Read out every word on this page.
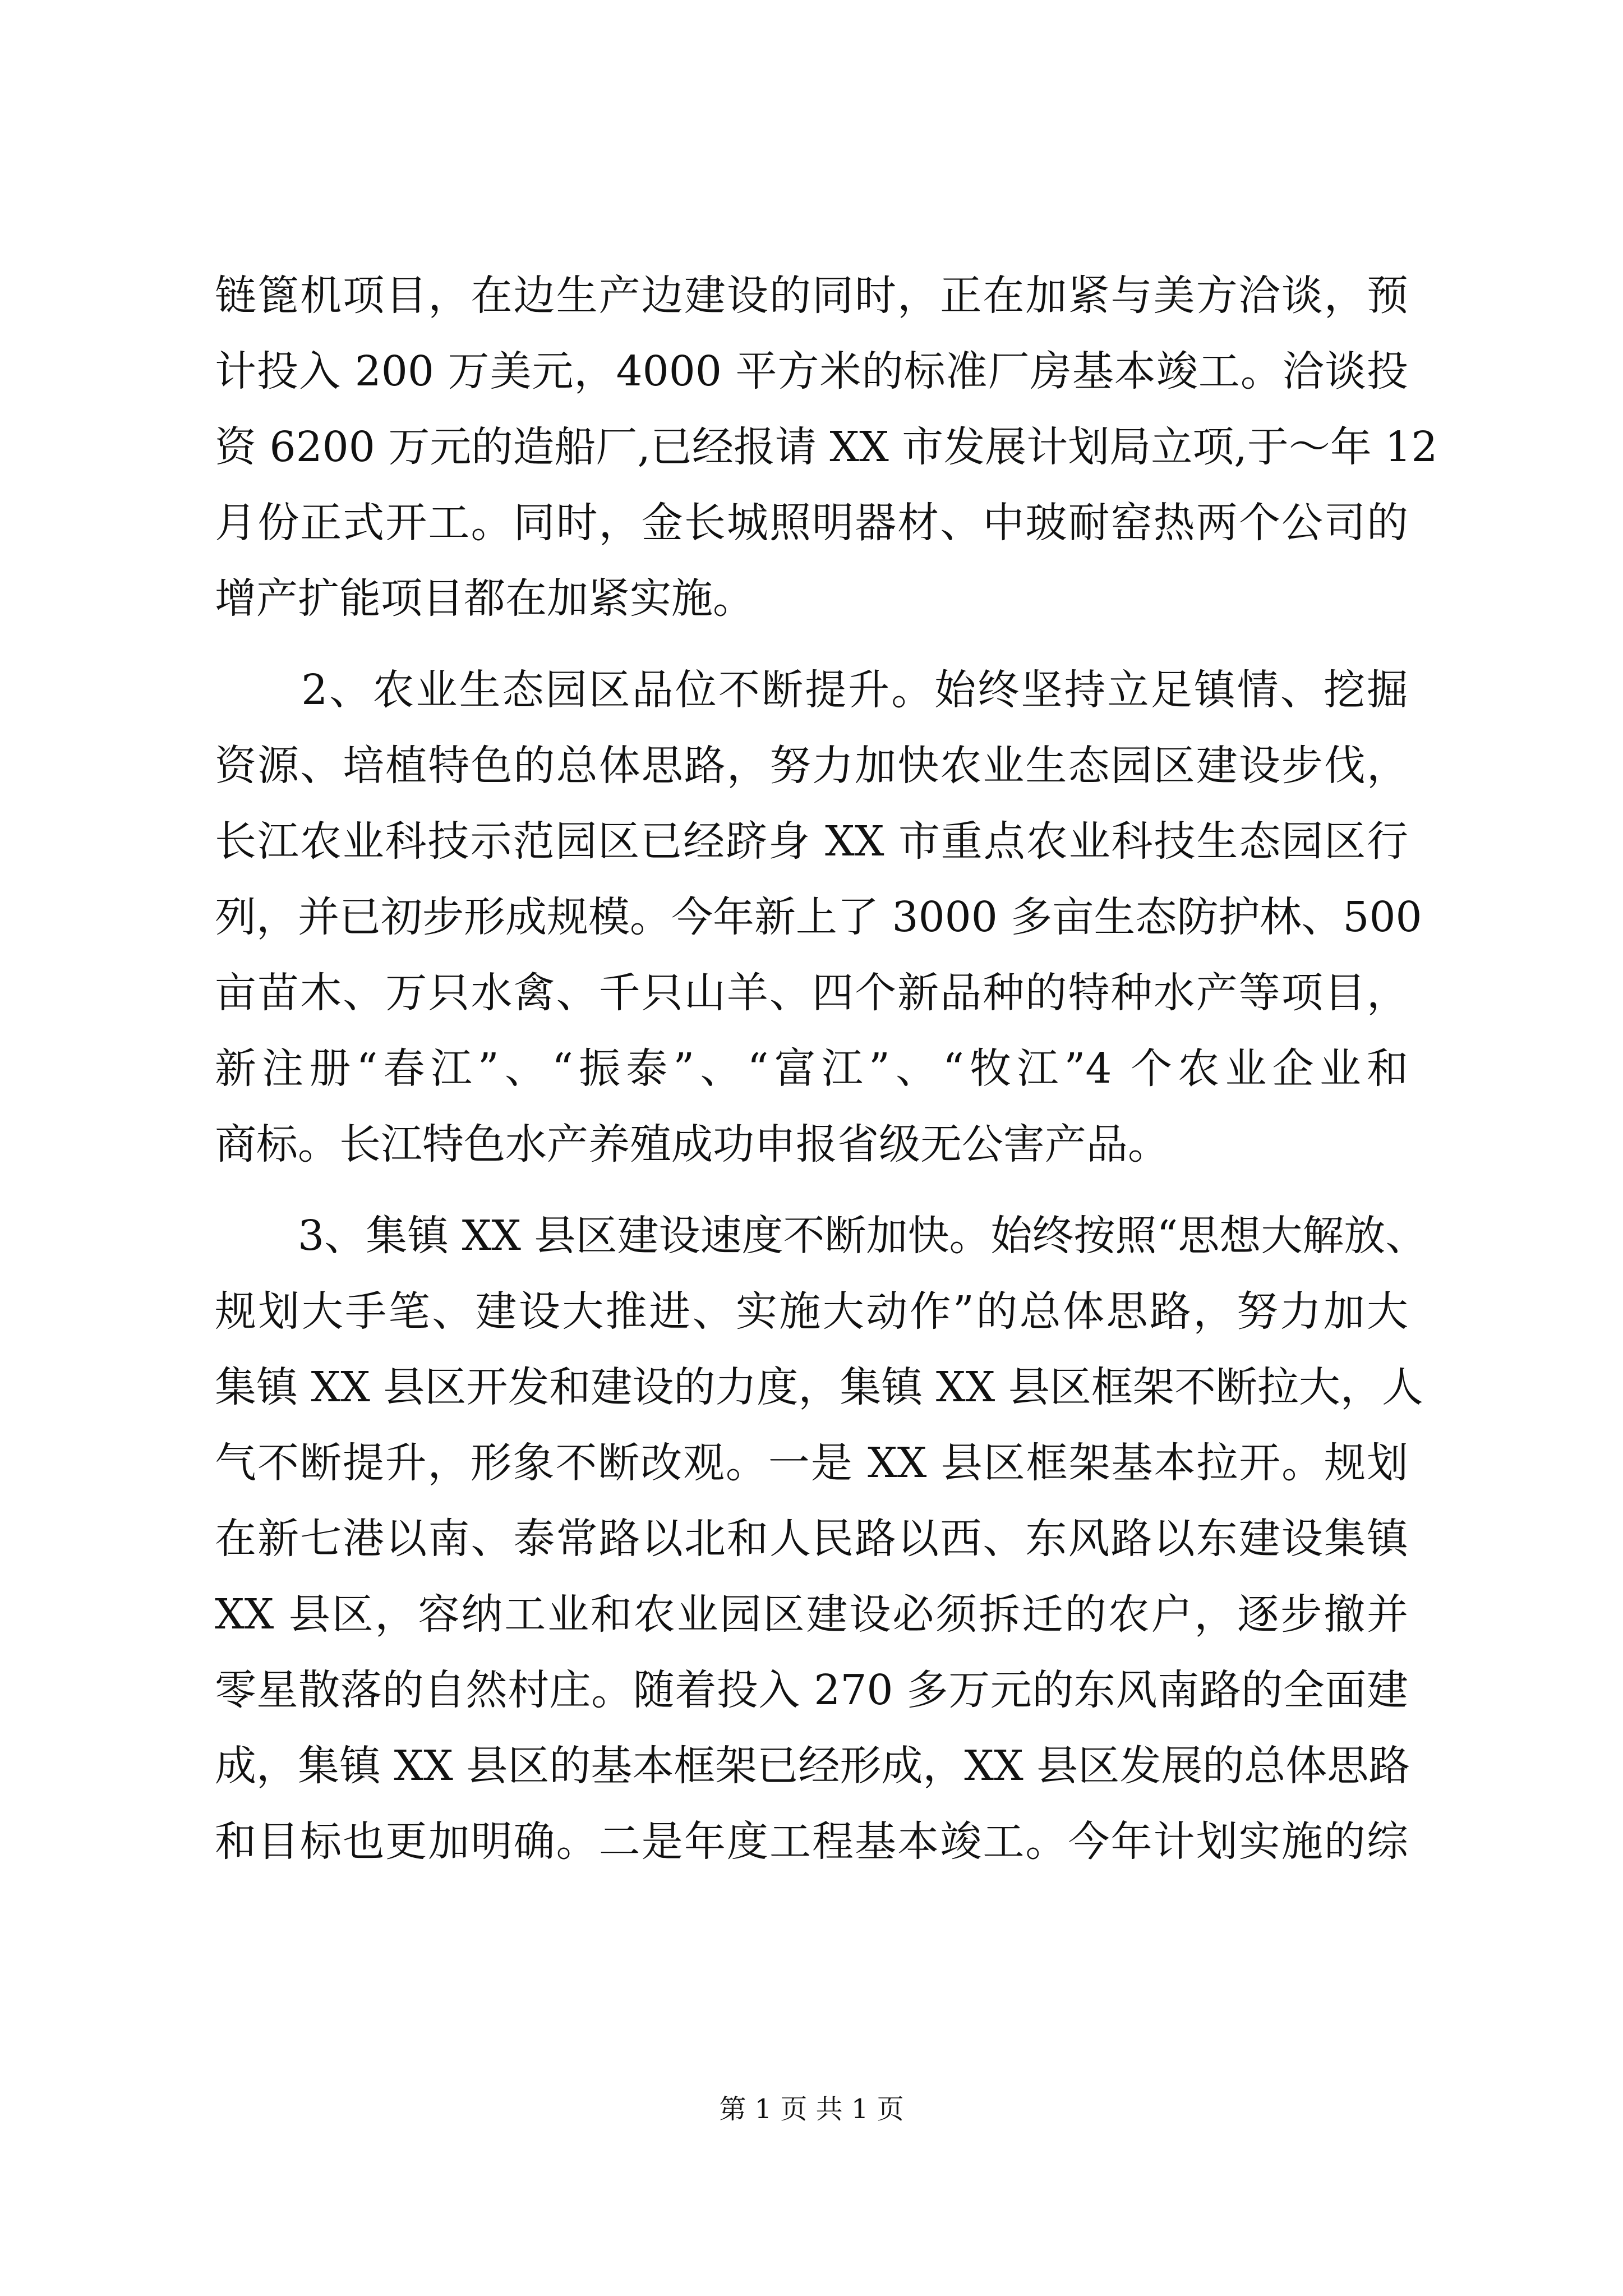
链篦机项目，在边生产边建设的同时，正在加紧与美方洽谈，预
计投入 200 万美元，4000 平方米的标准厂房基本竣工。洽谈投
资 6200 万元的造船厂,已经报请 XX 市发展计划局立项,于～年 12
月份正式开工。同时，金长城照明器材、中玻耐窑热两个公司的
增产扩能项目都在加紧实施。
　　2、农业生态园区品位不断提升。始终坚持立足镇情、挖掘
资源、培植特色的总体思路，努力加快农业生态园区建设步伐，
长江农业科技示范园区已经跻身 XX 市重点农业科技生态园区行
列，并已初步形成规模。今年新上了 3000 多亩生态防护林、500
亩苗木、万只水禽、千只山羊、四个新品种的特种水产等项目，
新注册“春江”、“振泰”、“富江”、“牧江”4 个农业企业和
商标。长江特色水产养殖成功申报省级无公害产品。
　　3、集镇 XX 县区建设速度不断加快。始终按照“思想大解放、
规划大手笔、建设大推进、实施大动作”的总体思路，努力加大
集镇 XX 县区开发和建设的力度，集镇 XX 县区框架不断拉大，人
气不断提升，形象不断改观。一是 XX 县区框架基本拉开。规划
在新七港以南、泰常路以北和人民路以西、东风路以东建设集镇
XX 县区，容纳工业和农业园区建设必须拆迁的农户，逐步撤并
零星散落的自然村庄。随着投入 270 多万元的东风南路的全面建
成，集镇 XX 县区的基本框架已经形成，XX 县区发展的总体思路
和目标也更加明确。二是年度工程基本竣工。今年计划实施的综
第 1 页 共 1 页
